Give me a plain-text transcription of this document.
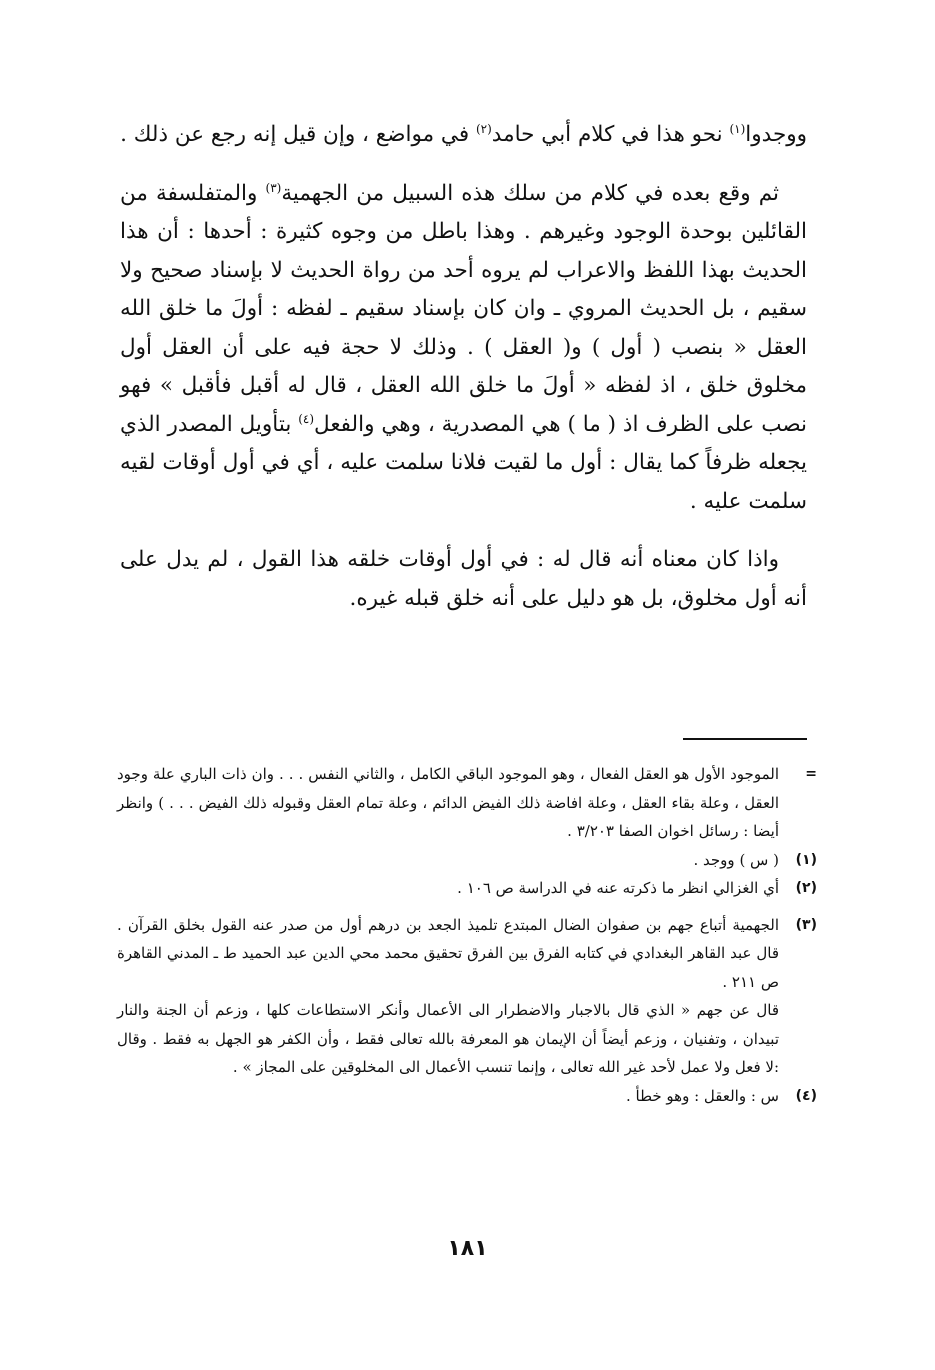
ووجدوا$^{(١)}$ نحو هذا في كلام أبي حامد$^{(٢)}$ في مواضع ، وإن قيل إنه رجع عن ذلك .

ثم وقع بعده في كلام من سلك هذه السبيل من الجهمية$^{(٣)}$ والمتفلسفة من القائلين بوحدة الوجود وغيرهم . وهذا باطل من وجوه كثيرة : أحدها : أن هذا الحديث بهذا اللفظ والاعراب لم يروه أحد من رواة الحديث لا بإسناد صحيح ولا سقيم ، بل الحديث المروي ـ وان كان بإسناد سقيم ـ لفظه : أولَ ما خلق الله العقل « بنصب ( أول ) و( العقل ) . وذلك لا حجة فيه على أن العقل أول مخلوق خلق ، اذ لفظه « أولَ ما خلق الله العقل ، قال له أقبل فأقبل » فهو نصب على الظرف اذ ( ما ) هي المصدرية ، وهي والفعل$^{(٤)}$ بتأويل المصدر الذي يجعله ظرفاً كما يقال : أول ما لقيت فلانا سلمت عليه ، أي في أول أوقات لقيه سلمت عليه .

واذا كان معناه أنه قال له : في أول أوقات خلقه هذا القول ، لم يدل على أنه أول مخلوق، بل هو دليل على أنه خلق قبله غيره.

=

الموجود الأول هو العقل الفعال ، وهو الموجود الباقي الكامل ، والثاني النفس . . . وان ذات الباري علة وجود العقل ، وعلة بقاء العقل ، وعلة افاضة ذلك الفيض الدائم ، وعلة تمام العقل وقبوله ذلك الفيض . . . ) وانظر أيضا : رسائل اخوان الصفا ٣/٢٠٣ .

(١)

( س ) ووجد .

(٢)

أي الغزالي انظر ما ذكرته عنه في الدراسة ص ١٠٦ .

(٣)

الجهمية أتباع جهم بن صفوان الضال المبتدع تلميذ الجعد بن درهم أول من صدر عنه القول بخلق القرآن . قال عبد القاهر البغدادي في كتابه الفرق بين الفرق تحقيق محمد محي الدين عبد الحميد ط ـ المدني القاهرة ص ٢١١ .

قال عن جهم « الذي قال بالاجبار والاضطرار الى الأعمال وأنكر الاستطاعات كلها ، وزعم أن الجنة والنار تبيدان ، وتفنيان ، وزعم أيضاً أن الإيمان هو المعرفة بالله تعالى فقط ، وأن الكفر هو الجهل به فقط . وقال :لا فعل ولا عمل لأحد غير الله تعالى ، وإنما تنسب الأعمال الى المخلوقين على المجاز » .

(٤)

س : والعقل : وهو خطأ .

١٨١
